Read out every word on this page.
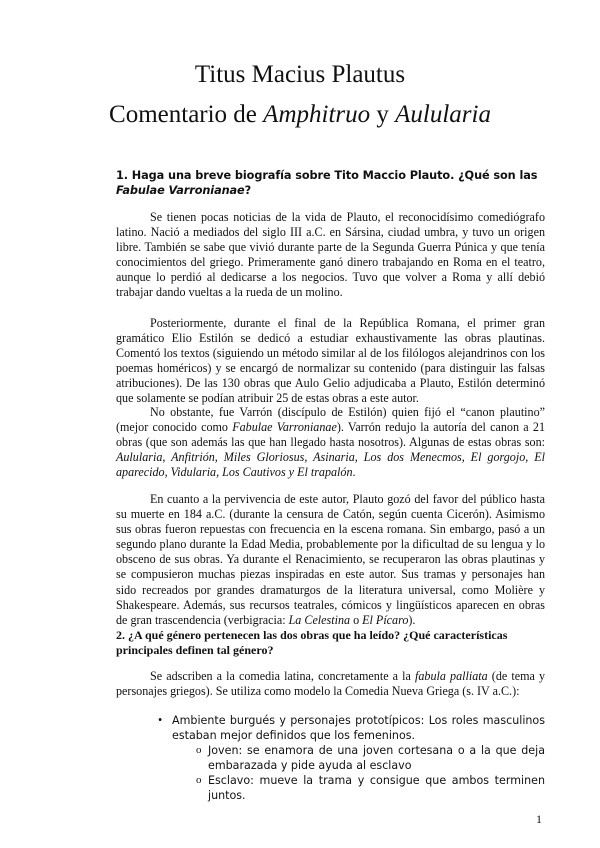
Titus Macius Plautus
Comentario de Amphitruo y Aulularia

1. Haga una breve biografía sobre Tito Maccio Plauto. ¿Qué son las Fabulae Varronianae?

Se tienen pocas noticias de la vida de Plauto, el reconocidísimo comediógrafo latino. Nació a mediados del siglo III a.C. en Sársina, ciudad umbra, y tuvo un origen libre. También se sabe que vivió durante parte de la Segunda Guerra Púnica y que tenía conocimientos del griego. Primeramente ganó dinero trabajando en Roma en el teatro, aunque lo perdió al dedicarse a los negocios. Tuvo que volver a Roma y allí debió trabajar dando vueltas a la rueda de un molino.

Posteriormente, durante el final de la República Romana, el primer gran gramático Elio Estilón se dedicó a estudiar exhaustivamente las obras plautinas. Comentó los textos (siguiendo un método similar al de los filólogos alejandrinos con los poemas homéricos) y se encargó de normalizar su contenido (para distinguir las falsas atribuciones). De las 130 obras que Aulo Gelio adjudicaba a Plauto, Estilón determinó que solamente se podían atribuir 25 de estas obras a este autor.

No obstante, fue Varrón (discípulo de Estilón) quien fijó el “canon plautino” (mejor conocido como Fabulae Varronianae). Varrón redujo la autoría del canon a 21 obras (que son además las que han llegado hasta nosotros). Algunas de estas obras son: Aulularia, Anfitrión, Miles Gloriosus, Asinaria, Los dos Menecmos, El gorgojo, El aparecido, Vidularia, Los Cautivos y El trapalón.

En cuanto a la pervivencia de este autor, Plauto gozó del favor del público hasta su muerte en 184 a.C. (durante la censura de Catón, según cuenta Cicerón). Asimismo sus obras fueron repuestas con frecuencia en la escena romana. Sin embargo, pasó a un segundo plano durante la Edad Media, probablemente por la dificultad de su lengua y lo obsceno de sus obras. Ya durante el Renacimiento, se recuperaron las obras plautinas y se compusieron muchas piezas inspiradas en este autor. Sus tramas y personajes han sido recreados por grandes dramaturgos de la literatura universal, como Molière y Shakespeare. Además, sus recursos teatrales, cómicos y lingüísticos aparecen en obras de gran trascendencia (verbigracia: La Celestina o El Pícaro).

2. ¿A qué género pertenecen las dos obras que ha leído? ¿Qué características principales definen tal género?

Se adscriben a la comedia latina, concretamente a la fabula palliata (de tema y personajes griegos). Se utiliza como modelo la Comedia Nueva Griega (s. IV a.C.):

• Ambiente burgués y personajes prototípicos: Los roles masculinos estaban mejor definidos que los femeninos.
o Joven: se enamora de una joven cortesana o a la que deja embarazada y pide ayuda al esclavo
o Esclavo: mueve la trama y consigue que ambos terminen juntos.

1
